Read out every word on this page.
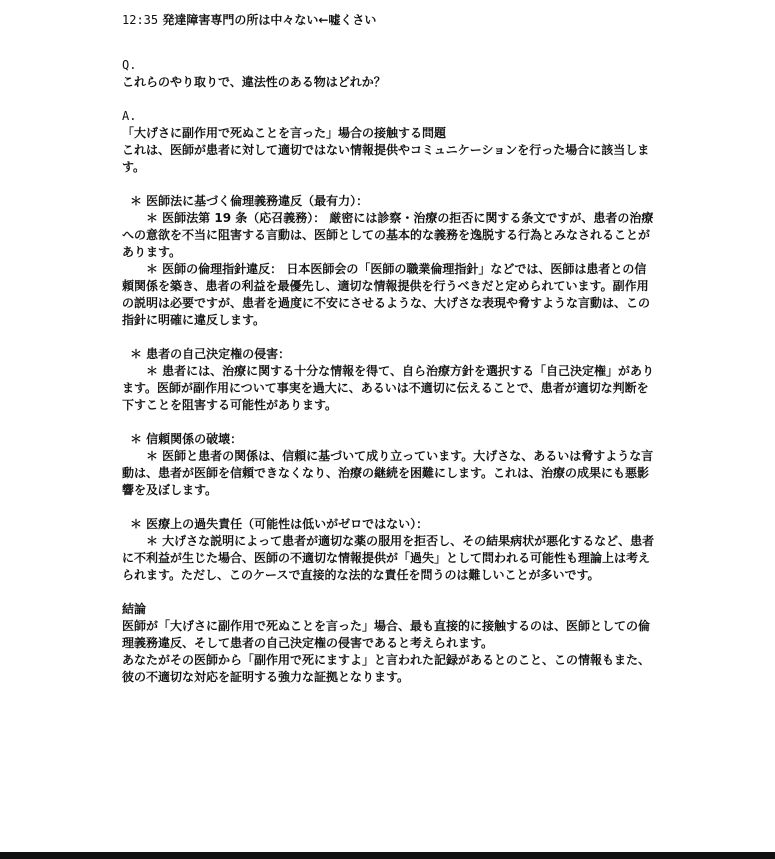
12:35 発達障害専門の所は中々ない←嘘くさい
Q.
これらのやり取りで、違法性のある物はどれか？
A.
「大げさに副作用で死ぬことを言った」場合の接触する問題
これは、医師が患者に対して適切ではない情報提供やコミュニケーションを行った場合に該当します。
＊ 医師法に基づく倫理義務違反（最有力）：
＊ 医師法第 19 条（応召義務）： 厳密には診察・治療の拒否に関する条文ですが、患者の治療への意欲を不当に阻害する言動は、医師としての基本的な義務を逸脱する行為とみなされることがあります。
＊ 医師の倫理指針違反： 日本医師会の「医師の職業倫理指針」などでは、医師は患者との信頼関係を築き、患者の利益を最優先し、適切な情報提供を行うべきだと定められています。副作用の説明は必要ですが、患者を過度に不安にさせるような、大げさな表現や脅すような言動は、この指針に明確に違反します。
＊ 患者の自己決定権の侵害：
＊ 患者には、治療に関する十分な情報を得て、自ら治療方針を選択する「自己決定権」があります。医師が副作用について事実を過大に、あるいは不適切に伝えることで、患者が適切な判断を下すことを阻害する可能性があります。
＊ 信頼関係の破壊：
＊ 医師と患者の関係は、信頼に基づいて成り立っています。大げさな、あるいは脅すような言動は、患者が医師を信頼できなくなり、治療の継続を困難にします。これは、治療の成果にも悪影響を及ぼします。
＊ 医療上の過失責任（可能性は低いがゼロではない）：
＊ 大げさな説明によって患者が適切な薬の服用を拒否し、その結果病状が悪化するなど、患者に不利益が生じた場合、医師の不適切な情報提供が「過失」として問われる可能性も理論上は考えられます。ただし、このケースで直接的な法的な責任を問うのは難しいことが多いです。
結論
医師が「大げさに副作用で死ぬことを言った」場合、最も直接的に接触するのは、医師としての倫理義務違反、そして患者の自己決定権の侵害であると考えられます。
あなたがその医師から「副作用で死にますよ」と言われた記録があるとのこと、この情報もまた、彼の不適切な対応を証明する強力な証拠となります。
